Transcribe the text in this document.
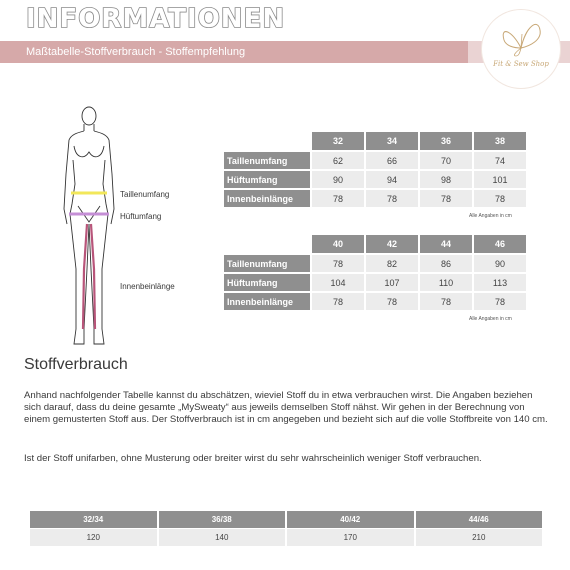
INFORMATIONEN
Maßtabelle-Stoffverbrauch - Stoffempfehlung
Fit & Sew Shop
Taillenumfang
Hüftumfang
Innenbeinlänge
	32	34	36	38
Taillenumfang	62	66	70	74
Hüftumfang	90	94	98	101
Innenbeinlänge	78	78	78	78
Alle Angaben in cm
	40	42	44	46
Taillenumfang	78	82	86	90
Hüftumfang	104	107	110	113
Innenbeinlänge	78	78	78	78
Alle Angaben in cm
Stoffverbrauch

Anhand nachfolgender Tabelle kannst du abschätzen, wieviel Stoff du in etwa verbrauchen wirst. Die Angaben beziehen sich darauf, dass du deine gesamte „MySweaty“ aus jeweils demselben Stoff nähst. Wir gehen in der Berechnung von einem gemusterten Stoff aus. Der Stoffverbrauch ist in cm angegeben und bezieht sich auf die volle Stoffbreite von 140 cm.

Ist der Stoff unifarben, ohne Musterung oder breiter wirst du sehr wahrscheinlich weniger Stoff verbrauchen.

32/34	36/38	40/42	44/46
120	140	170	210
